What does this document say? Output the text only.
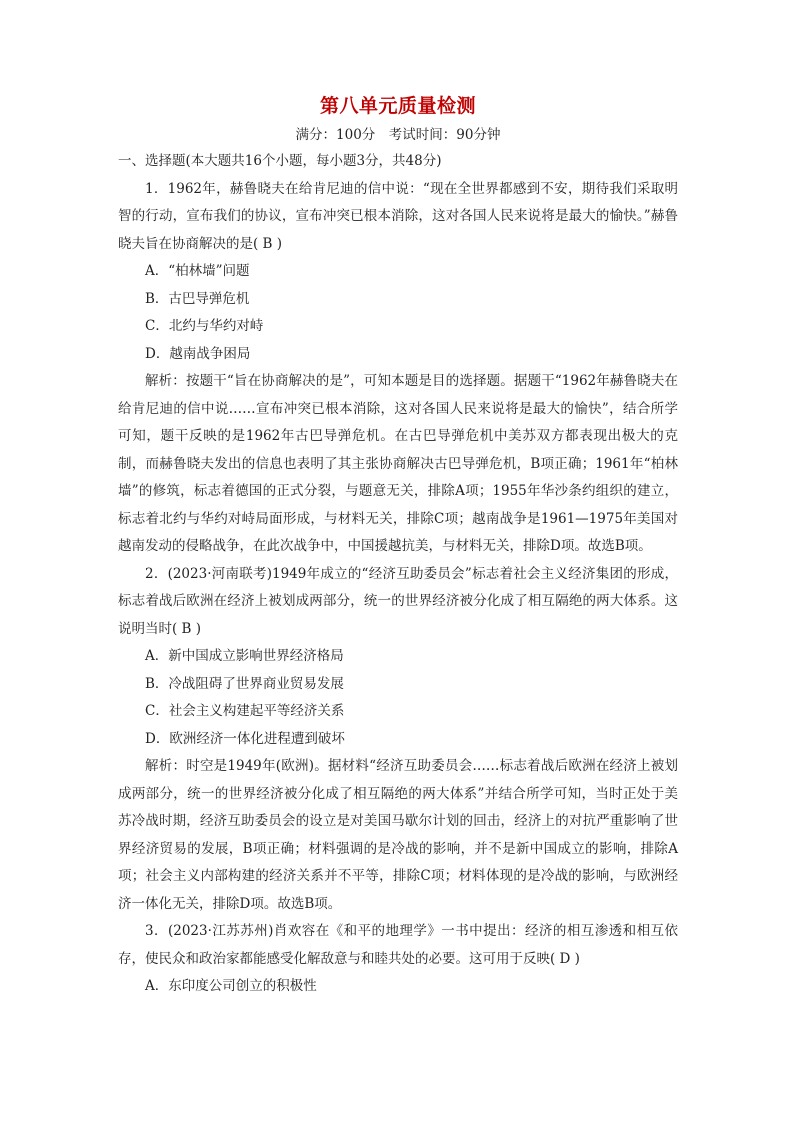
第八单元质量检测
满分：100分　考试时间：90分钟
一、选择题(本大题共16个小题，每小题3分，共48分)

1．1962年，赫鲁晓夫在给肯尼迪的信中说：“现在全世界都感到不安，期待我们采取明智的行动，宣布我们的协议，宣布冲突已根本消除，这对各国人民来说将是最大的愉快。”赫鲁晓夫旨在协商解决的是( B )

A．“柏林墙”问题
B．古巴导弹危机
C．北约与华约对峙
D．越南战争困局

解析：按题干“旨在协商解决的是”，可知本题是目的选择题。据题干“1962年赫鲁晓夫在给肯尼迪的信中说……宣布冲突已根本消除，这对各国人民来说将是最大的愉快”，结合所学可知，题干反映的是1962年古巴导弹危机。在古巴导弹危机中美苏双方都表现出极大的克制，而赫鲁晓夫发出的信息也表明了其主张协商解决古巴导弹危机，B项正确；1961年“柏林墙”的修筑，标志着德国的正式分裂，与题意无关，排除A项；1955年华沙条约组织的建立，标志着北约与华约对峙局面形成，与材料无关，排除C项；越南战争是1961—1975年美国对越南发动的侵略战争，在此次战争中，中国援越抗美，与材料无关，排除D项。故选B项。

2．(2023·河南联考)1949年成立的“经济互助委员会”标志着社会主义经济集团的形成，标志着战后欧洲在经济上被划成两部分，统一的世界经济被分化成了相互隔绝的两大体系。这说明当时( B )

A．新中国成立影响世界经济格局
B．冷战阻碍了世界商业贸易发展
C．社会主义构建起平等经济关系
D．欧洲经济一体化进程遭到破坏

解析：时空是1949年(欧洲)。据材料“经济互助委员会……标志着战后欧洲在经济上被划成两部分，统一的世界经济被分化成了相互隔绝的两大体系”并结合所学可知，当时正处于美苏冷战时期，经济互助委员会的设立是对美国马歇尔计划的回击，经济上的对抗严重影响了世界经济贸易的发展，B项正确；材料强调的是冷战的影响，并不是新中国成立的影响，排除A项；社会主义内部构建的经济关系并不平等，排除C项；材料体现的是冷战的影响，与欧洲经济一体化无关，排除D项。故选B项。

3．(2023·江苏苏州)肖欢容在《和平的地理学》一书中提出：经济的相互渗透和相互依存，使民众和政治家都能感受化解敌意与和睦共处的必要。这可用于反映( D )

A．东印度公司创立的积极性
